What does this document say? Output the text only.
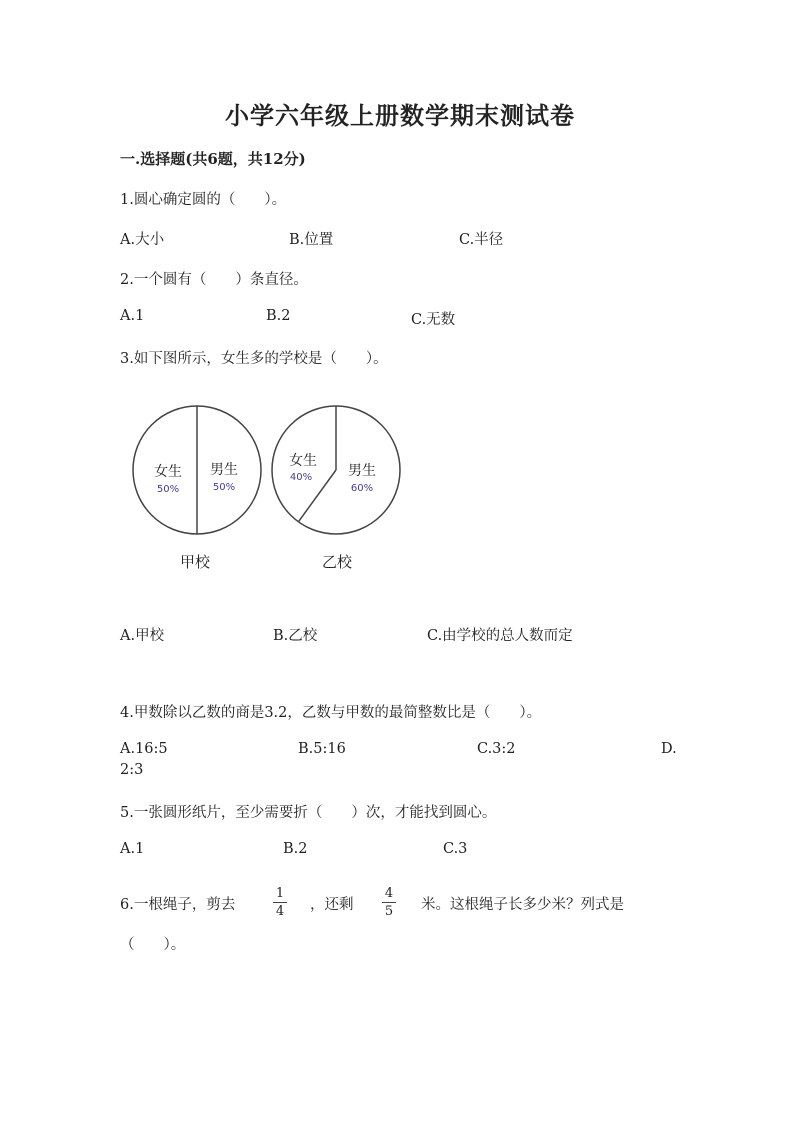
小学六年级上册数学期末测试卷
一.选择题(共6题，共12分)
1.圆心确定圆的（　　）。
A.大小	B.位置	C.半径
2.一个圆有（　　）条直径。
A.1	B.2	C.无数
3.如下图所示，女生多的学校是（　　）。
女生
50%
男生
50%
甲校
女生
40%	男生
60%
乙校
A.甲校	B.乙校	C.由学校的总人数而定
4.甲数除以乙数的商是3.2，乙数与甲数的最简整数比是（　　）。
A.16:5	B.5:16	C.3:2	D.
2:3
5.一张圆形纸片，至少需要折（　　）次，才能找到圆心。
A.1	B.2	C.3
6.一根绳子，剪去
1
4 ，还剩
4
5 米。这根绳子长多少米？列式是
（　　）。
